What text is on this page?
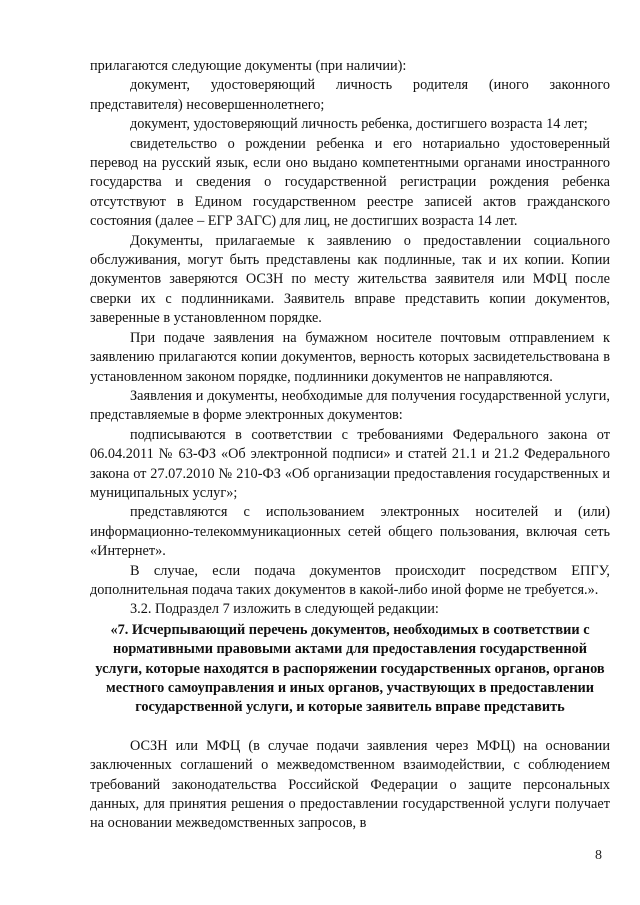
прилагаются следующие документы (при наличии):

документ, удостоверяющий личность родителя (иного законного представителя) несовершеннолетнего;

документ, удостоверяющий личность ребенка, достигшего возраста 14 лет;

свидетельство о рождении ребенка и его нотариально удостоверенный перевод на русский язык, если оно выдано компетентными органами иностранного государства и сведения о государственной регистрации рождения ребенка отсутствуют в Едином государственном реестре записей актов гражданского состояния (далее – ЕГР ЗАГС) для лиц, не достигших возраста 14 лет.

Документы, прилагаемые к заявлению о предоставлении социального обслуживания, могут быть представлены как подлинные, так и их копии. Копии документов заверяются ОСЗН по месту жительства заявителя или МФЦ после сверки их с подлинниками. Заявитель вправе представить копии документов, заверенные в установленном порядке.

При подаче заявления на бумажном носителе почтовым отправлением к заявлению прилагаются копии документов, верность которых засвидетельствована в установленном законом порядке, подлинники документов не направляются.

Заявления и документы, необходимые для получения государственной услуги, представляемые в форме электронных документов:

подписываются в соответствии с требованиями Федерального закона от 06.04.2011 № 63-ФЗ «Об электронной подписи» и статей 21.1 и 21.2 Федерального закона от 27.07.2010 № 210-ФЗ «Об организации предоставления государственных и муниципальных услуг»;

представляются с использованием электронных носителей и (или) информационно-телекоммуникационных сетей общего пользования, включая сеть «Интернет».

В случае, если подача документов происходит посредством ЕПГУ, дополнительная подача таких документов в какой-либо иной форме не требуется.».

3.2. Подраздел 7 изложить в следующей редакции:

«7. Исчерпывающий перечень документов, необходимых в соответствии с нормативными правовыми актами для предоставления государственной услуги, которые находятся в распоряжении государственных органов, органов местного самоуправления и иных органов, участвующих в предоставлении государственной услуги, и которые заявитель вправе представить

ОСЗН или МФЦ (в случае подачи заявления через МФЦ) на основании заключенных соглашений о межведомственном взаимодействии, с соблюдением требований законодательства Российской Федерации о защите персональных данных, для принятия решения о предоставлении государственной услуги получает на основании межведомственных запросов, в

8
